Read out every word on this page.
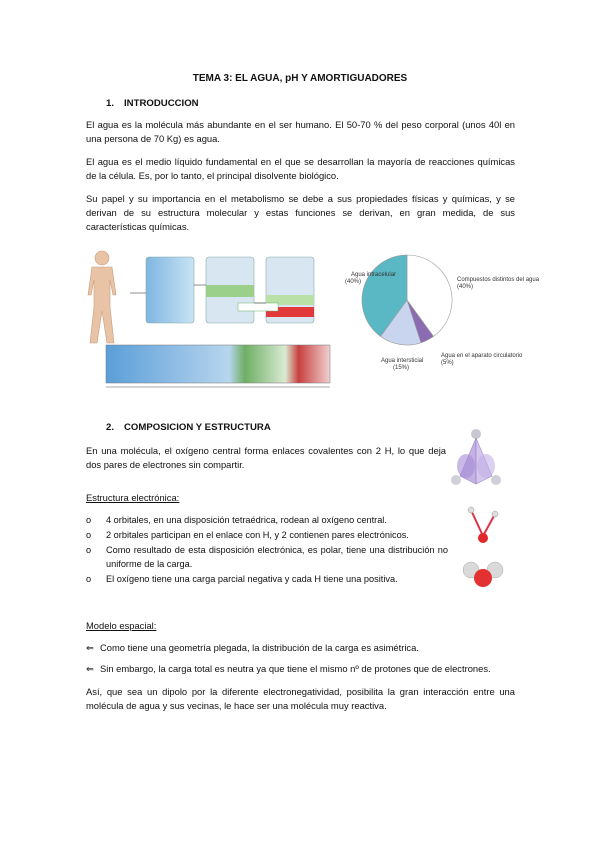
TEMA 3: EL AGUA, pH Y AMORTIGUADORES
1. INTRODUCCION
El agua es la molécula más abundante en el ser humano. El 50-70 % del peso corporal (unos 40l en una persona de 70 Kg) es agua.
El agua es el medio líquido fundamental en el que se desarrollan la mayoría de reacciones químicas de la célula. Es, por lo tanto, el principal disolvente biológico.
Su papel y su importancia en el metabolismo se debe a sus propiedades físicas y químicas, y se derivan de su estructura molecular y estas funciones se derivan, en gran medida, de sus características químicas.
Agua intracelular (40%)	Compuestos distintos del agua (40%)
Agua intersticial (15%)
Agua en el aparato circulatorio (5%)
2. COMPOSICION Y ESTRUCTURA
En una molécula, el oxígeno central forma enlaces covalentes con 2 H, lo que deja dos pares de electrones sin compartir.
Estructura electrónica:
o	4 orbitales, en una disposición tetraédrica, rodean al oxígeno central.
o	2 orbitales participan en el enlace con H, y 2 contienen pares electrónicos.
o	Como resultado de esta disposición electrónica, es polar, tiene una distribución no uniforme de la carga.
o	El oxígeno tiene una carga parcial negativa y cada H tiene una positiva.
Modelo espacial:
⇐ Como tiene una geometría plegada, la distribución de la carga es asimétrica.
⇐ Sin embargo, la carga total es neutra ya que tiene el mismo nº de protones que de electrones.
Así, que sea un dipolo por la diferente electronegatividad, posibilita la gran interacción entre una molécula de agua y sus vecinas, le hace ser una molécula muy reactiva.
